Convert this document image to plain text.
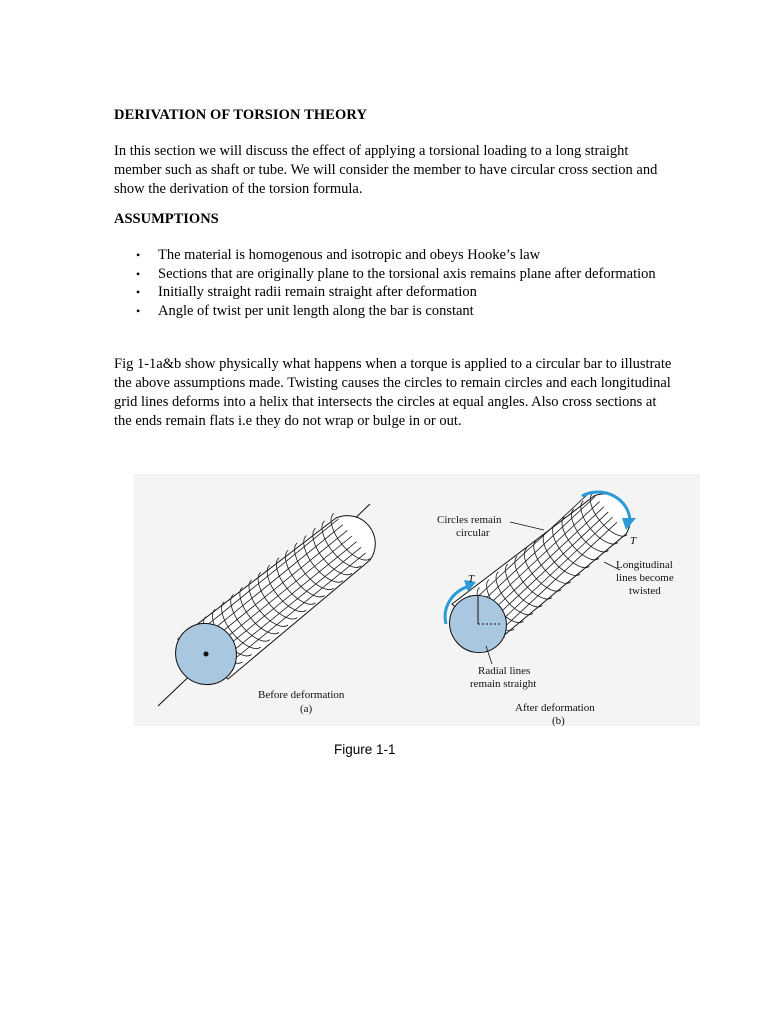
DERIVATION OF TORSION THEORY
In this section we will discuss the effect of applying a torsional loading to a long straight member such as shaft or tube. We will consider the member to have circular cross section and show the derivation of the torsion formula.
ASSUMPTIONS
• The material is homogenous and isotropic and obeys Hooke’s law
• Sections that are originally plane to the torsional axis remains plane after deformation
• Initially straight radii remain straight after deformation
• Angle of twist per unit length along the bar is constant
Fig 1-1a&b show physically what happens when a torque is applied to a circular bar to illustrate the above assumptions made. Twisting causes the circles to remain circles and each longitudinal grid lines deforms into a helix that intersects the circles at equal angles. Also cross sections at the ends remain flats i.e they do not wrap or bulge in or out.
Before deformation
(a)
Circles remain
circular
T
T
Longitudinal
lines become
twisted
Radial lines
remain straight
After deformation
(b)
Figure 1-1
